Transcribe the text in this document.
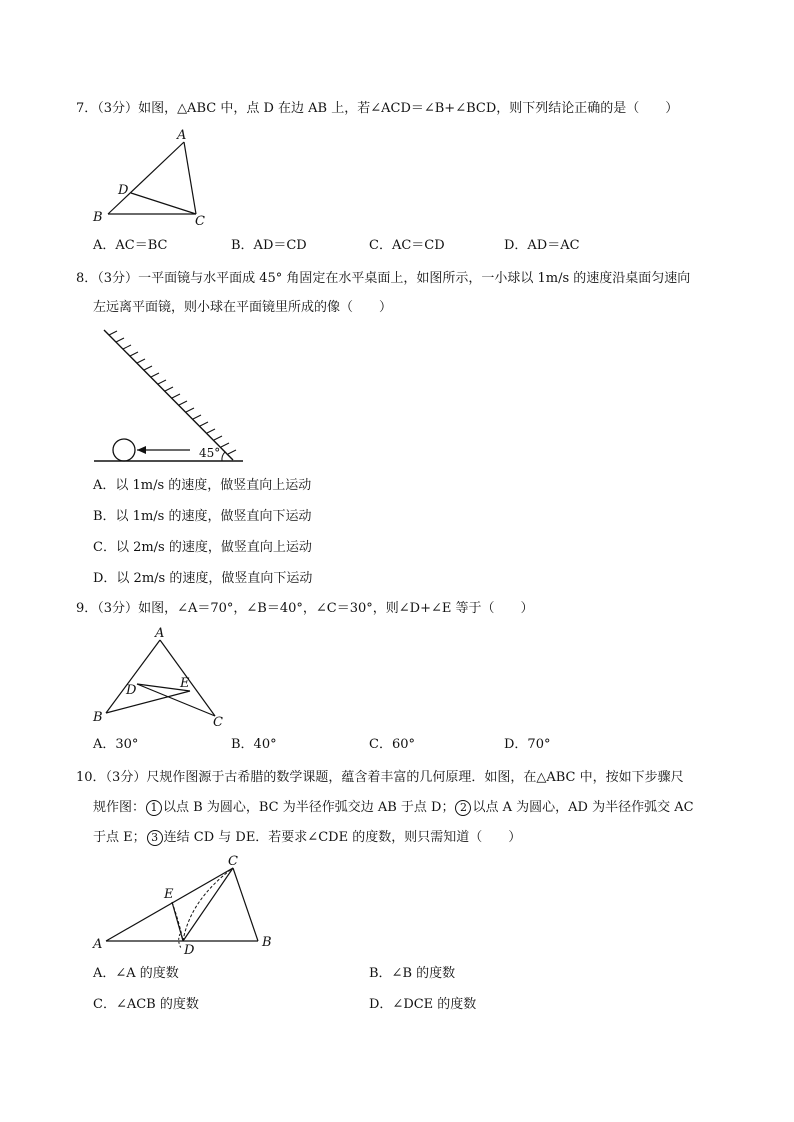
7．（3分）如图，△ABC 中，点 D 在边 AB 上，若∠ACD＝∠B+∠BCD，则下列结论正确的是（　　）
A
D
B	C
A．AC＝BC	B．AD＝CD	C．AC＝CD	D．AD＝AC
8．（3分）一平面镜与水平面成 45° 角固定在水平桌面上，如图所示，一小球以 1m/s 的速度沿桌面匀速向
左远离平面镜，则小球在平面镜里所成的像（　　）
45°
A．以 1m/s 的速度，做竖直向上运动
B．以 1m/s 的速度，做竖直向下运动
C．以 2m/s 的速度，做竖直向上运动
D．以 2m/s 的速度，做竖直向下运动
9．（3分）如图，∠A＝70°，∠B＝40°，∠C＝30°，则∠D+∠E 等于（　　）
A
D	E
B	C
A．30°	B．40°	C．60°	D．70°
10．（3分）尺规作图源于古希腊的数学课题，蕴含着丰富的几何原理．如图，在△ABC 中，按如下步骤尺
规作图： 1 以点 B 为圆心，BC 为半径作弧交边 AB 于点 D； 2 以点 A 为圆心，AD 为半径作弧交 AC
于点 E； 3 连结 CD 与 DE．若要求∠CDE 的度数，则只需知道（　　）
C
E
A	D
B
A．∠A 的度数	B．∠B 的度数
C．∠ACB 的度数	D．∠DCE 的度数
